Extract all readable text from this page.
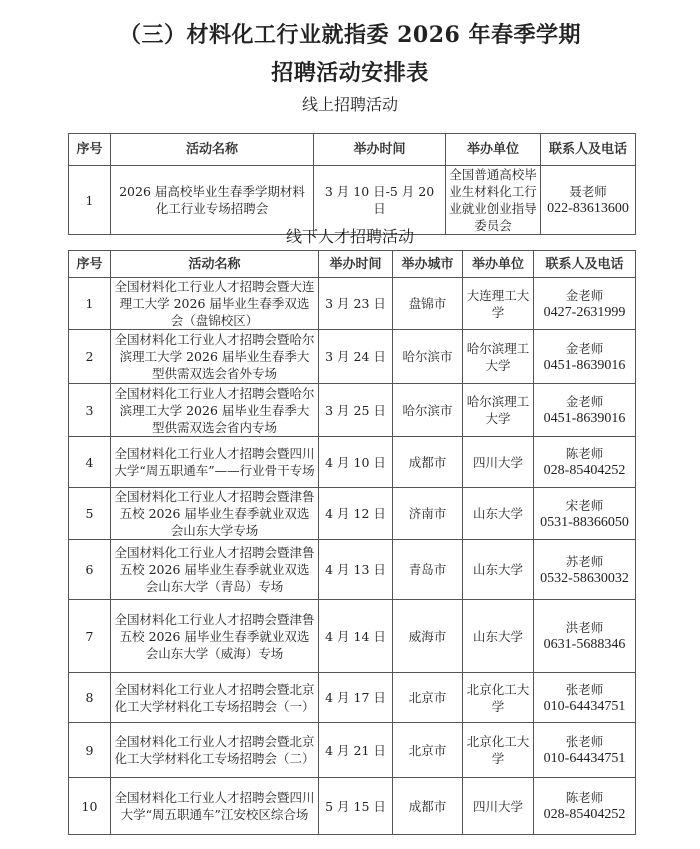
（三）材料化工行业就指委 2026 年春季学期
招聘活动安排表
线上招聘活动
序号	活动名称	举办时间	举办单位	联系人及电话
1	2026 届高校毕业生春季学期材料化工行业专场招聘会	3 月 10 日-5 月 20 日	全国普通高校毕业生材料化工行业就业创业指导委员会	聂老师
022-83613600
线下人才招聘活动
序号	活动名称	举办时间	举办城市	举办单位	联系人及电话
1	全国材料化工行业人才招聘会暨大连理工大学 2026 届毕业生春季双选会（盘锦校区）	3 月 23 日	盘锦市	大连理工大学	金老师
0427-2631999

2	全国材料化工行业人才招聘会暨哈尔滨理工大学 2026 届毕业生春季大型供需双选会省外专场	3 月 24 日	哈尔滨市	哈尔滨理工大学	金老师
0451-8639016

3	全国材料化工行业人才招聘会暨哈尔滨理工大学 2026 届毕业生春季大型供需双选会省内专场	3 月 25 日	哈尔滨市	哈尔滨理工大学	金老师
0451-8639016

4	全国材料化工行业人才招聘会暨四川大学“周五职通车”——行业骨干专场	4 月 10 日	成都市	四川大学	陈老师
028-85404252

5	全国材料化工行业人才招聘会暨津鲁五校 2026 届毕业生春季就业双选会山东大学专场	4 月 12 日	济南市	山东大学	宋老师
0531-88366050

6	全国材料化工行业人才招聘会暨津鲁五校 2026 届毕业生春季就业双选会山东大学（青岛）专场	4 月 13 日	青岛市	山东大学	苏老师
0532-58630032

7	全国材料化工行业人才招聘会暨津鲁五校 2026 届毕业生春季就业双选会山东大学（威海）专场	4 月 14 日	威海市	山东大学	洪老师
0631-5688346

8	全国材料化工行业人才招聘会暨北京化工大学材料化工专场招聘会（一）	4 月 17 日	北京市	北京化工大学	张老师
010-64434751

9	全国材料化工行业人才招聘会暨北京化工大学材料化工专场招聘会（二）	4 月 21 日	北京市	北京化工大学	张老师
010-64434751

10	全国材料化工行业人才招聘会暨四川大学“周五职通车”江安校区综合场	5 月 15 日	成都市	四川大学	陈老师
028-85404252
